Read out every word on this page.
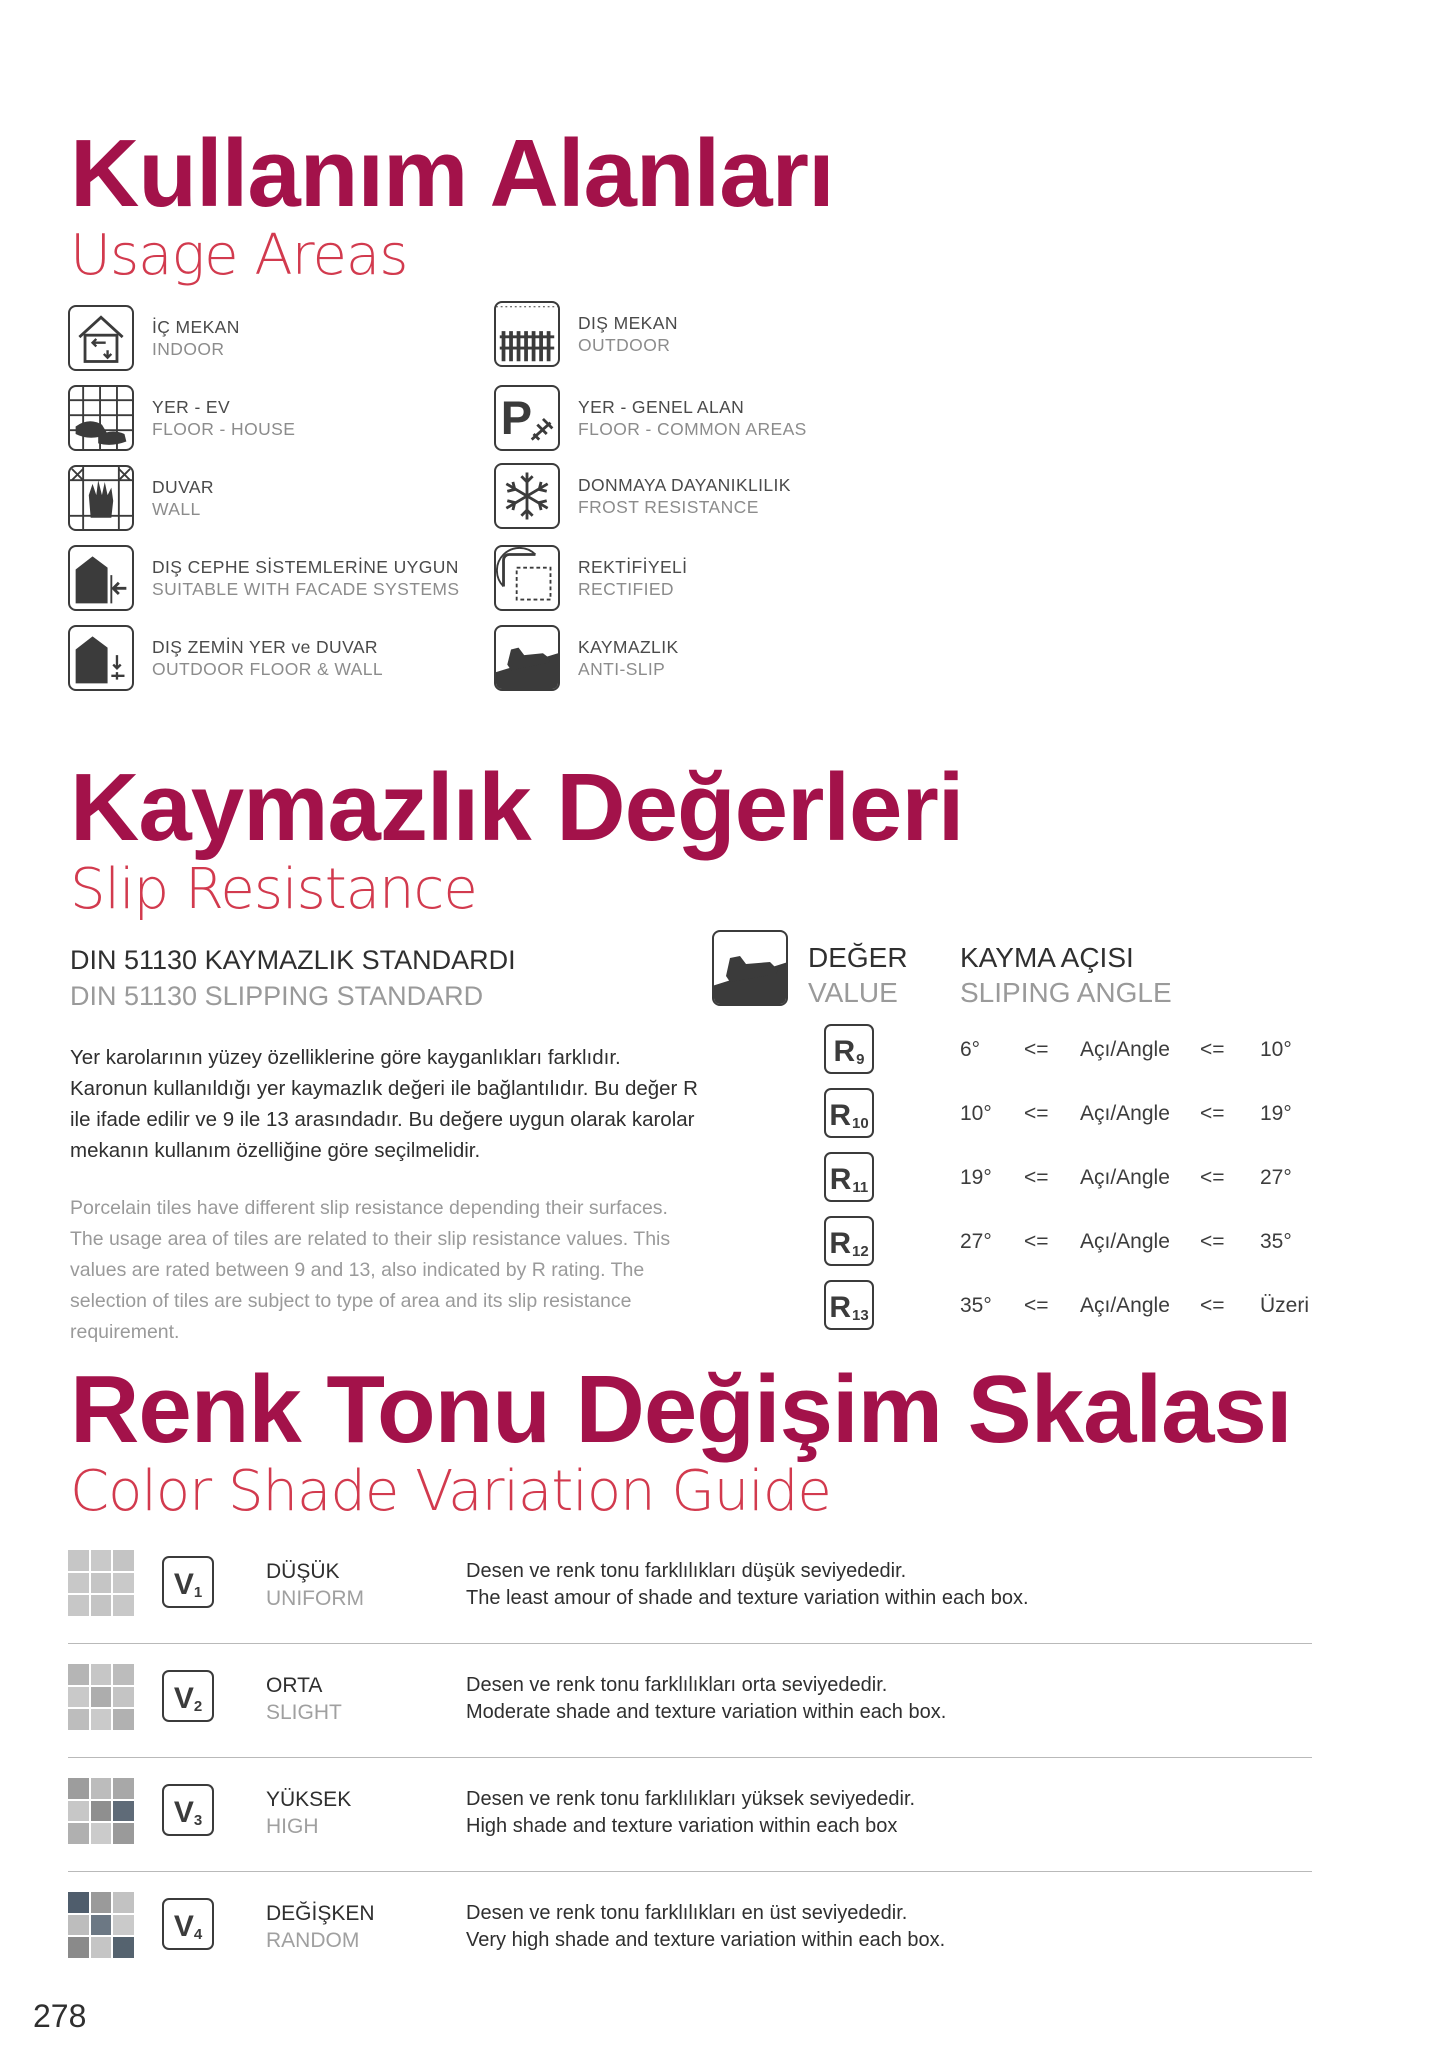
Kullanım Alanları
Usage Areas
İÇ MEKAN
INDOOR
YER - EV
FLOOR - HOUSE
DUVAR
WALL
DIŞ CEPHE SİSTEMLERİNE UYGUN
SUITABLE WITH FACADE SYSTEMS
DIŞ ZEMİN YER ve DUVAR
OUTDOOR FLOOR & WALL
DIŞ MEKAN
OUTDOOR
P	YER - GENEL ALAN
FLOOR - COMMON AREAS
DONMAYA DAYANIKLILIK
FROST RESISTANCE
REKTİFİYELİ
RECTIFIED
KAYMAZLIK
ANTI-SLIP
Kaymazlık Değerleri
Slip Resistance
DIN 51130 KAYMAZLIK STANDARDI
DIN 51130 SLIPPING STANDARD
Yer karolarının yüzey özelliklerine göre kayganlıkları farklıdır. Karonun kullanıldığı yer kaymazlık değeri ile bağlantılıdır. Bu değer R ile ifade edilir ve 9 ile 13 arasındadır. Bu değere uygun olarak karolar mekanın kullanım özelliğine göre seçilmelidir.
Porcelain tiles have different slip resistance depending their surfaces. The usage area of tiles are related to their slip resistance values. This values are rated between 9 and 13, also indicated by R rating. The selection of tiles are subject to type of area and its slip resistance requirement.
DEĞER
VALUE
KAYMA AÇISI
SLIPING ANGLE
R 9	6° <= Açı/Angle <= 10°
R 10	10° <= Açı/Angle <= 19°
R 11	19° <= Açı/Angle <= 27°
R 12	27° <= Açı/Angle <= 35°
R 13	35° <= Açı/Angle <= Üzeri
Renk Tonu Değişim Skalası
Color Shade Variation Guide
V 1
DÜŞÜK
UNIFORM
Desen ve renk tonu farklılıkları düşük seviyededir.
The least amour of shade and texture variation within each box.
V 2
ORTA
SLIGHT
Desen ve renk tonu farklılıkları orta seviyededir.
Moderate shade and texture variation within each box.
V 3
YÜKSEK
HIGH
Desen ve renk tonu farklılıkları yüksek seviyededir.
High shade and texture variation within each box
V 4
DEĞİŞKEN
RANDOM
Desen ve renk tonu farklılıkları en üst seviyededir.
Very high shade and texture variation within each box.
278
